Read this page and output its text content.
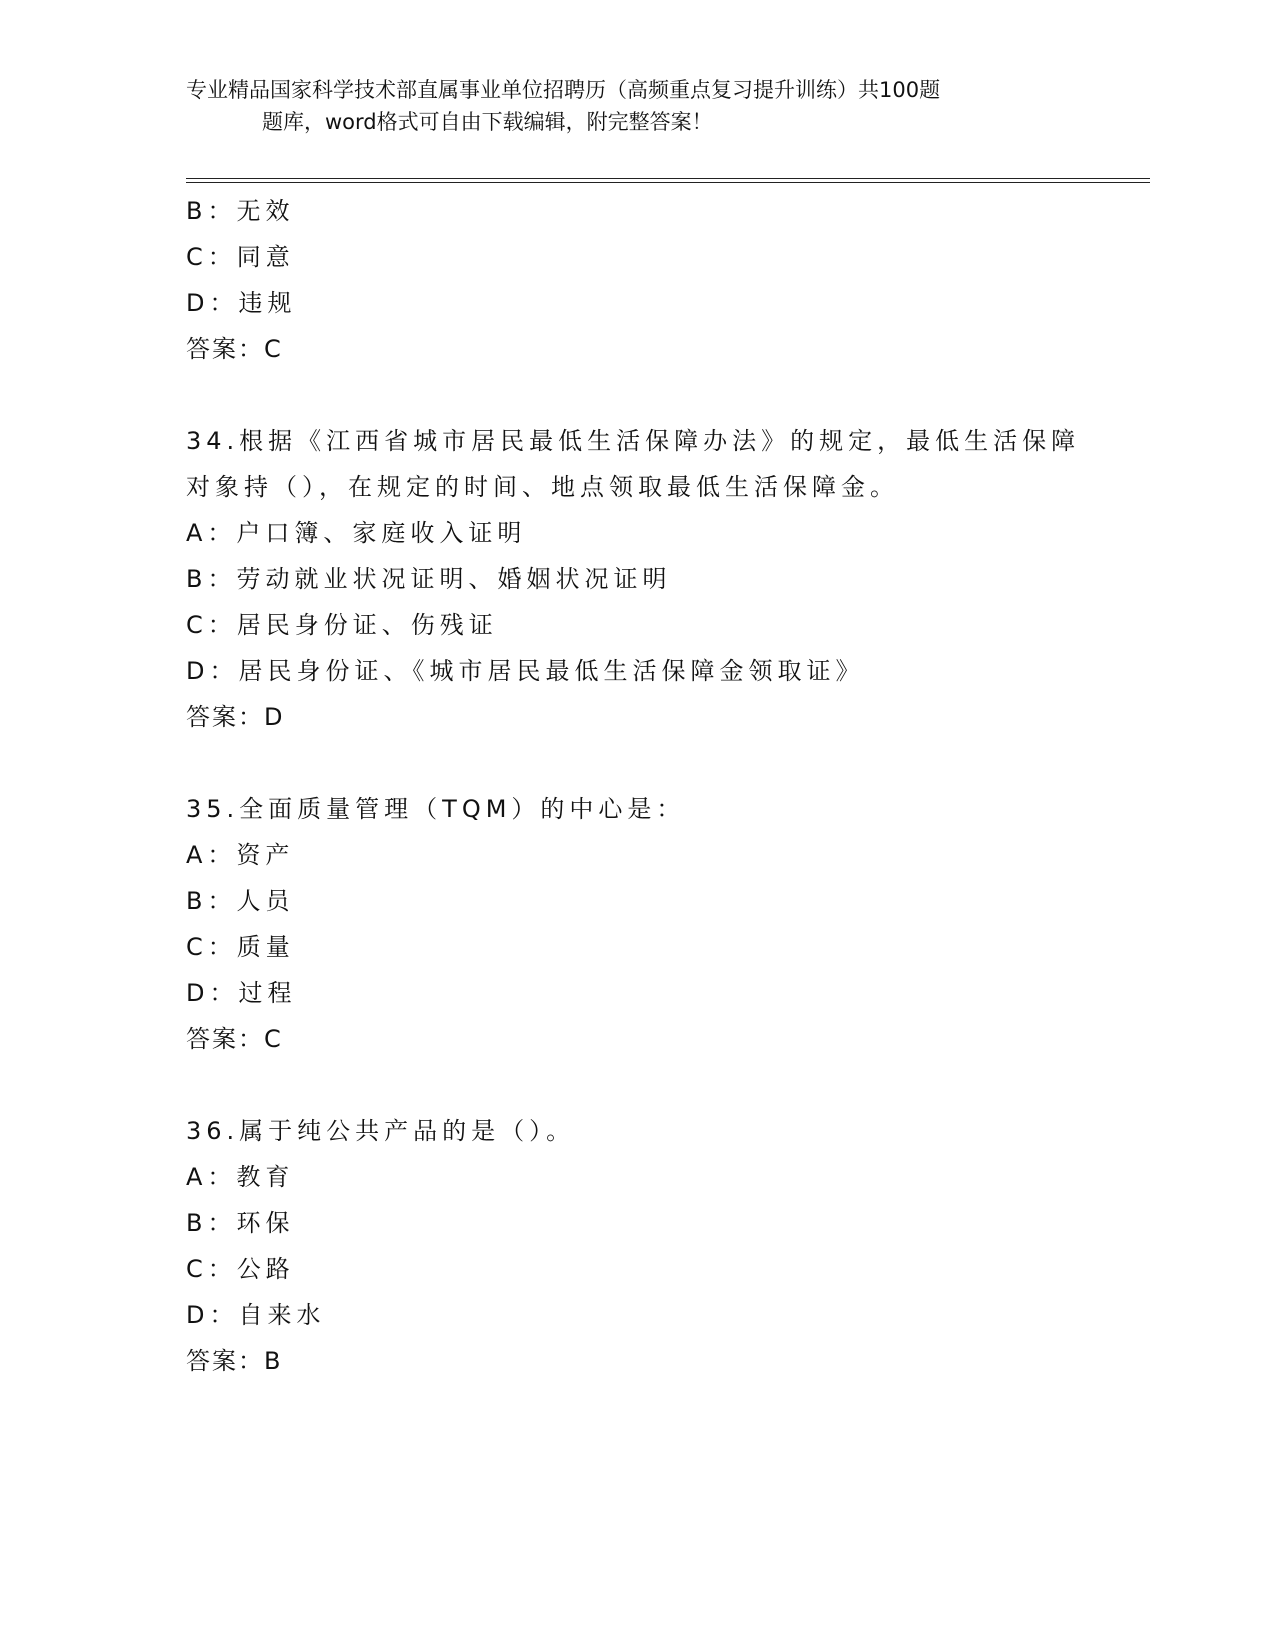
专业精品国家科学技术部直属事业单位招聘历（高频重点复习提升训练）共100题
题库，word格式可自由下载编辑，附完整答案！
B：无效
C：同意
D：违规
答案：C
34.根据《江西省城市居民最低生活保障办法》的规定，最低生活保障
对象持（），在规定的时间、地点领取最低生活保障金。
A：户口簿、家庭收入证明
B：劳动就业状况证明、婚姻状况证明
C：居民身份证、伤残证
D：居民身份证、《城市居民最低生活保障金领取证》
答案：D
35.全面质量管理（TQM）的中心是：
A：资产
B：人员
C：质量
D：过程
答案：C
36.属于纯公共产品的是（）。
A：教育
B：环保
C：公路
D：自来水
答案：B
